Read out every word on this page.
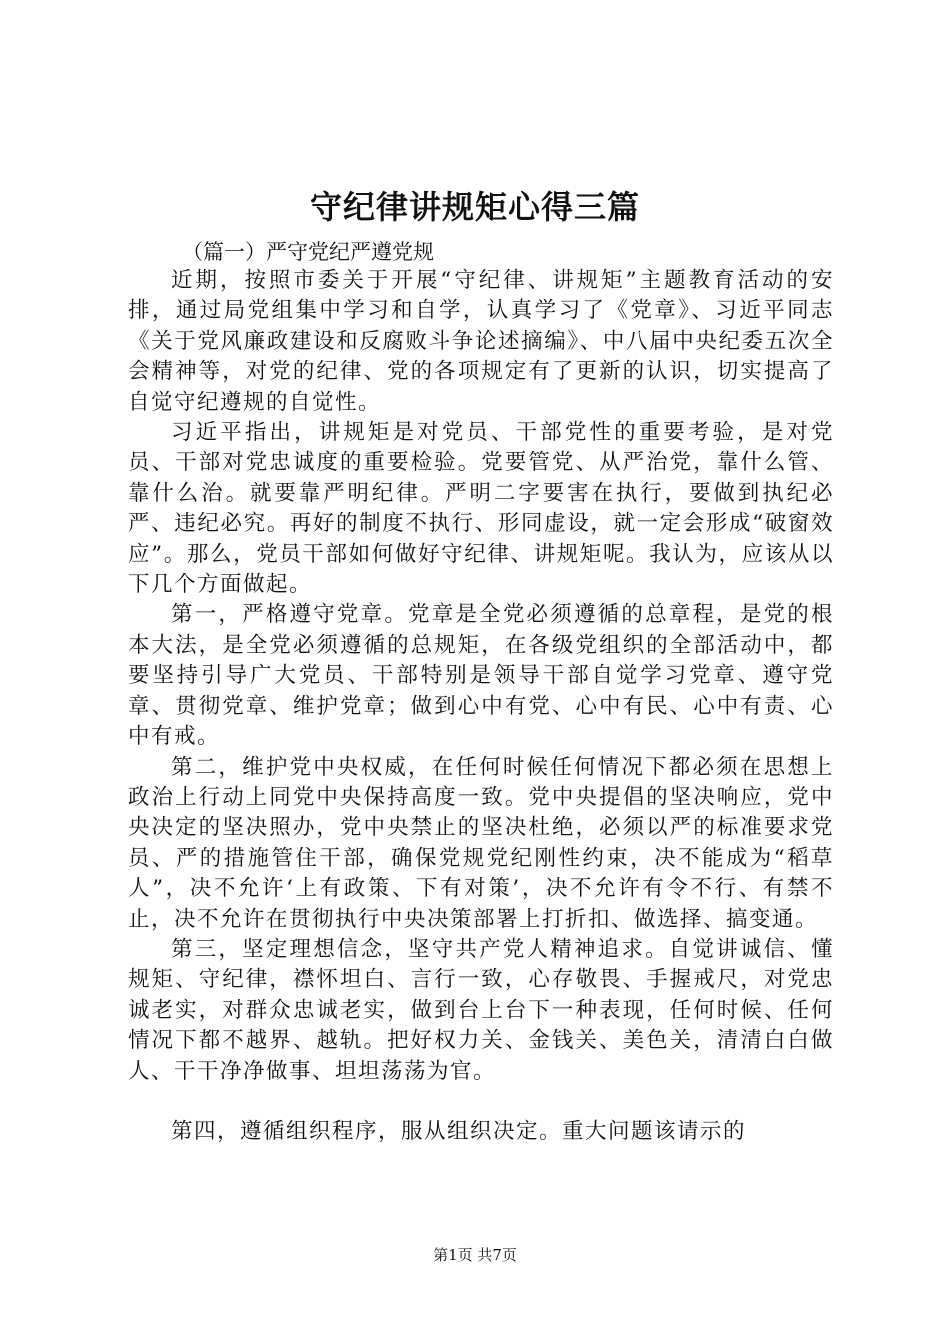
守纪律讲规矩心得三篇
（篇一）严守党纪严遵党规

近期，按照市委关于开展“守纪律、讲规矩”主题教育活动的安排，通过局党组集中学习和自学，认真学习了《党章》、习近平同志《关于党风廉政建设和反腐败斗争论述摘编》、中八届中央纪委五次全会精神等，对党的纪律、党的各项规定有了更新的认识，切实提高了自觉守纪遵规的自觉性。

习近平指出，讲规矩是对党员、干部党性的重要考验，是对党员、干部对党忠诚度的重要检验。党要管党、从严治党，靠什么管、靠什么治。就要靠严明纪律。严明二字要害在执行，要做到执纪必严、违纪必究。再好的制度不执行、形同虚设，就一定会形成“破窗效应”。那么，党员干部如何做好守纪律、讲规矩呢。我认为，应该从以下几个方面做起。

第一，严格遵守党章。党章是全党必须遵循的总章程，是党的根本大法，是全党必须遵循的总规矩，在各级党组织的全部活动中，都要坚持引导广大党员、干部特别是领导干部自觉学习党章、遵守党章、贯彻党章、维护党章；做到心中有党、心中有民、心中有责、心中有戒。

第二，维护党中央权威，在任何时候任何情况下都必须在思想上政治上行动上同党中央保持高度一致。党中央提倡的坚决响应，党中央决定的坚决照办，党中央禁止的坚决杜绝，必须以严的标准要求党员、严的措施管住干部，确保党规党纪刚性约束，决不能成为“稻草人”，决不允许‘上有政策、下有对策’，决不允许有令不行、有禁不止，决不允许在贯彻执行中央决策部署上打折扣、做选择、搞变通。

第三，坚定理想信念，坚守共产党人精神追求。自觉讲诚信、懂规矩、守纪律，襟怀坦白、言行一致，心存敬畏、手握戒尺，对党忠诚老实，对群众忠诚老实，做到台上台下一种表现，任何时候、任何情况下都不越界、越轨。把好权力关、金钱关、美色关，清清白白做人、干干净净做事、坦坦荡荡为官。

第四，遵循组织程序，服从组织决定。重大问题该请示的

第1页 共7页
